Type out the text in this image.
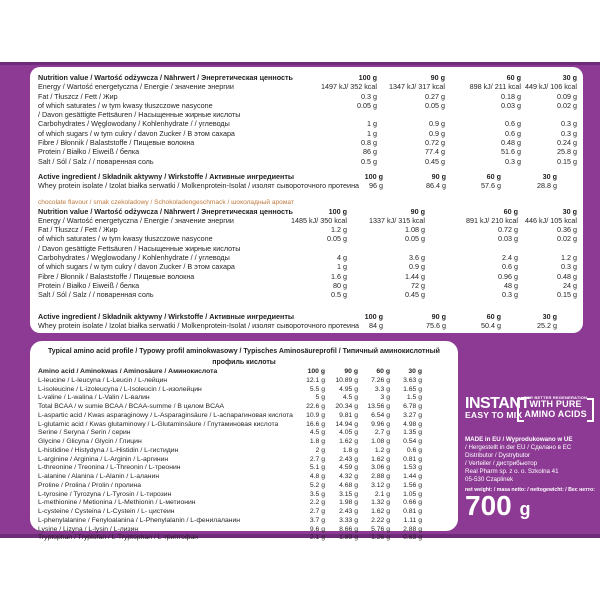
Nutrition value / Wartość odżywcza / Nährwert / Энергетическая ценность	100 g	90 g	60 g	30 g
Energy / Wartość energetyczna / Energie / значение энергии	1497 kJ/ 352 kcal	1347 kJ/ 317 kcal	898 kJ/ 211 kcal 449 kJ/ 106 kcal
Fat / Tłuszcz / Fett / Жир	0.3 g	0.27 g	0.18 g	0.09 g
of which saturates / w tym kwasy tłuszczowe nasycone	0.05 g	0.05 g	0.03 g	0.02 g
/ Davon gesättigte Fettsäuren / Насыщенные жирные кислоты
Carbohydrates / Węglowodany / Kohlenhydrate / / углеводы	1 g	0.9 g	0.6 g	0.3 g
of which sugars / w tym cukry / davon Zucker / В этом сахара	1 g	0.9 g	0.6 g	0.3 g
Fibre / Błonnik / Balaststoffe / Пищевые волокна	0.8 g	0.72 g	0.48 g	0.24 g
Protein / Białko / Eiweiß / белка	86 g	77.4 g	51.6 g	25.8 g
Salt / Sól / Salz / / поваренная соль	0.5 g	0.45 g	0.3 g	0.15 g
Active ingredient / Składnik aktywny / Wirkstoffe / Активные ингредиенты	100 g	90 g	60 g	30 g
Whey protein isolate / Izolat białka serwatki / Molkenprotein-Isolat / изолят сывороточного протеина	96 g	86.4 g	57.6 g	28.8 g
chocolate flavour / smak czekoladowy / Schokoladengeschmack / шоколадный аромат
Nutrition value / Wartość odżywcza / Nährwert / Энергетическая ценность	100 g	90 g	60 g	30 g
Energy / Wartość energetyczna / Energie / значение энергии	1485 kJ/ 350 kcal	1337 kJ/ 315 kcal	891 kJ/ 210 kcal 446 kJ/ 105 kcal
Fat / Tłuszcz / Fett / Жир	1.2 g	1.08 g	0.72 g	0.36 g
of which saturates / w tym kwasy tłuszczowe nasycone	0.05 g	0.05 g	0.03 g	0.02 g
/ Davon gesättigte Fettsäuren / Насыщенные жирные кислоты
Carbohydrates / Węglowodany / Kohlenhydrate / / углеводы	4 g	3.6 g	2.4 g	1.2 g
of which sugars / w tym cukry / davon Zucker / В этом сахара	1 g	0.9 g	0.6 g	0.3 g
Fibre / Błonnik / Balaststoffe / Пищевые волокна	1.6 g	1.44 g	0.96 g	0.48 g
Protein / Białko / Eiweiß / белка	80 g	72 g	48 g	24 g
Salt / Sól / Salz / / поваренная соль	0.5 g	0.45 g	0.3 g	0.15 g
Active ingredient / Składnik aktywny / Wirkstoffe / Активные ингредиенты	100 g	90 g	60 g	30 g
Whey protein isolate / Izolat białka serwatki / Molkenprotein-Isolat / изолят сывороточного протеина	84 g	75.6 g	50.4 g	25.2 g
Typical amino acid profile / Typowy profil aminokwasowy / Typisches Aminosäureprofil / Типичный аминокислотный профиль кислоты
Amino acid / Aminokwas / Aminosäure / Аминокислота	100 g	90 g	60 g	30 g
L-leucine / L-leucyna / L-Leucin / L-лейцин	12.1 g	10.89 g	7.26 g	3.63 g
L-isoleucine / L-izoleucyna / L-Isoleucin / L-изолейцин	5.5 g	4.95 g	3.3 g	1.65 g
L-valine / L-walina / L-Valin / L-валин	5 g	4.5 g	3 g	1.5 g
Total BCAA / w sumie BCAA / BCAA-summe / В целом BCAA	22.6 g	20.34 g	13.56 g	6.78 g
L-aspartic acid / Kwas asparaginowy / L-Asparaginsäure / L-аспарагиновая кислота	10.9 g	9.81 g	6.54 g	3.27 g
L-glutamic acid / Kwas glutaminowy / L-Glutaminsäure / Глутаминовая кислота	16.6 g	14.94 g	9.96 g	4.98 g
Serine / Seryna / Serin / серин	4.5 g	4.05 g	2.7 g	1.35 g
Glycine / Glicyna / Glycin / Глицин	1.8 g	1.62 g	1.08 g	0.54 g
L-histidine / Histydyna / L-Histidin / L-гистидин	2 g	1.8 g	1.2 g	0.6 g
L-arginine / Arginina / L-Arginin / L-аргинин	2.7 g	2.43 g	1.62 g	0.81 g
L-threonine / Treonina / L-Threonin / L-треонин	5.1 g	4.59 g	3.06 g	1.53 g
L-alanine / Alanina / L-Alanin / L-аланин	4.8 g	4.32 g	2.88 g	1.44 g
Proline / Prolina / Prolin / пролина	5.2 g	4.68 g	3.12 g	1.56 g
L-tyrosine / Tyrozyna / L-Tyrosin / L-тирозин	3.5 g	3.15 g	2.1 g	1.05 g
L-methionine / Metionina / L-Methionin / L-метионин	2.2 g	1.98 g	1.32 g	0.66 g
L-cysteine / Cysteina / L-Cystein / L- цистеин	2.7 g	2.43 g	1.62 g	0.81 g
L-phenylalanine / Fenyloalanina / L-Phenylalanin / L-фенилаланин	3.7 g	3.33 g	2.22 g	1.11 g
Lysine / Lizyna / L-lysin / L-лизин	9.6 g	8.66 g	5.76 g	2.88 g
Tryptophan / Tryptofan / L-Tryptophan / L-триптофан	2.1 g	1.89 g	1.26 g	0.63 g
INSTANT
EASY TO MIX
FOR BETTER REGENERATION
WITH PURE
AMINO ACIDS
MADE in EU / Wyprodukowano w UE
/ Hergestellt in der EU / Сделано в EC
Distributor / Dystrybutor
/ Verteiler / дистрибьютор
Real Pharm sp. z o. o. Szkolna 41
05-530 Czaplinek
net weight: / masa netto: / nettogewicht: / Вес нетто:
700 g
